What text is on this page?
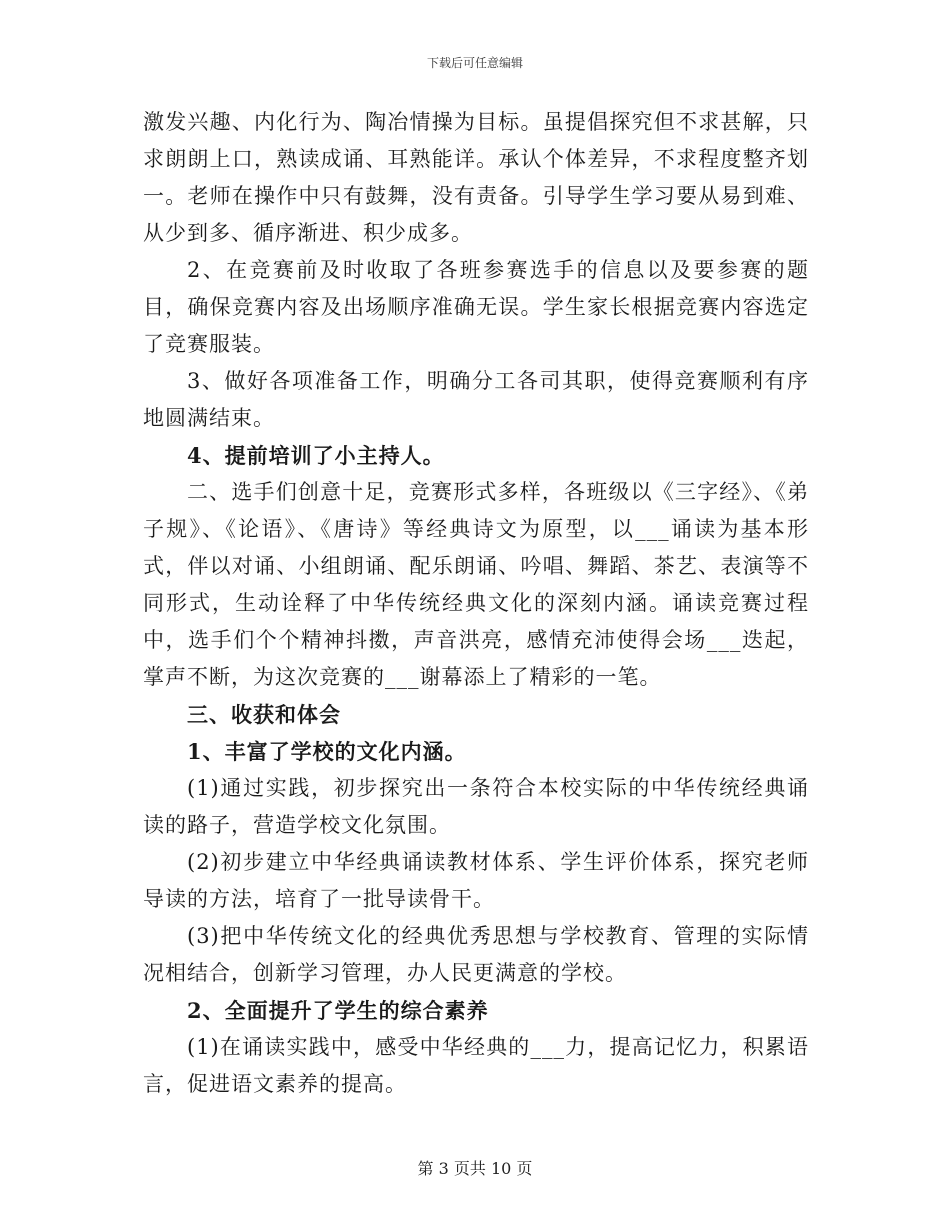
下载后可任意编辑

激发兴趣、内化行为、陶冶情操为目标。虽提倡探究但不求甚解，只求朗朗上口，熟读成诵、耳熟能详。承认个体差异，不求程度整齐划一。老师在操作中只有鼓舞，没有责备。引导学生学习要从易到难、从少到多、循序渐进、积少成多。

2、在竞赛前及时收取了各班参赛选手的信息以及要参赛的题目，确保竞赛内容及出场顺序准确无误。学生家长根据竞赛内容选定了竞赛服装。

3、做好各项准备工作，明确分工各司其职，使得竞赛顺利有序地圆满结束。

4、提前培训了小主持人。

二、选手们创意十足，竞赛形式多样，各班级以《三字经》、《弟子规》、《论语》、《唐诗》等经典诗文为原型，以___诵读为基本形式，伴以对诵、小组朗诵、配乐朗诵、吟唱、舞蹈、茶艺、表演等不同形式，生动诠释了中华传统经典文化的深刻内涵。诵读竞赛过程中，选手们个个精神抖擞，声音洪亮，感情充沛使得会场___迭起，掌声不断，为这次竞赛的___谢幕添上了精彩的一笔。

三、收获和体会

1、丰富了学校的文化内涵。

(1)通过实践，初步探究出一条符合本校实际的中华传统经典诵读的路子，营造学校文化氛围。

(2)初步建立中华经典诵读教材体系、学生评价体系，探究老师导读的方法，培育了一批导读骨干。

(3)把中华传统文化的经典优秀思想与学校教育、管理的实际情况相结合，创新学习管理，办人民更满意的学校。

2、全面提升了学生的综合素养

(1)在诵读实践中，感受中华经典的___力，提高记忆力，积累语言，促进语文素养的提高。

第 3 页共 10 页
